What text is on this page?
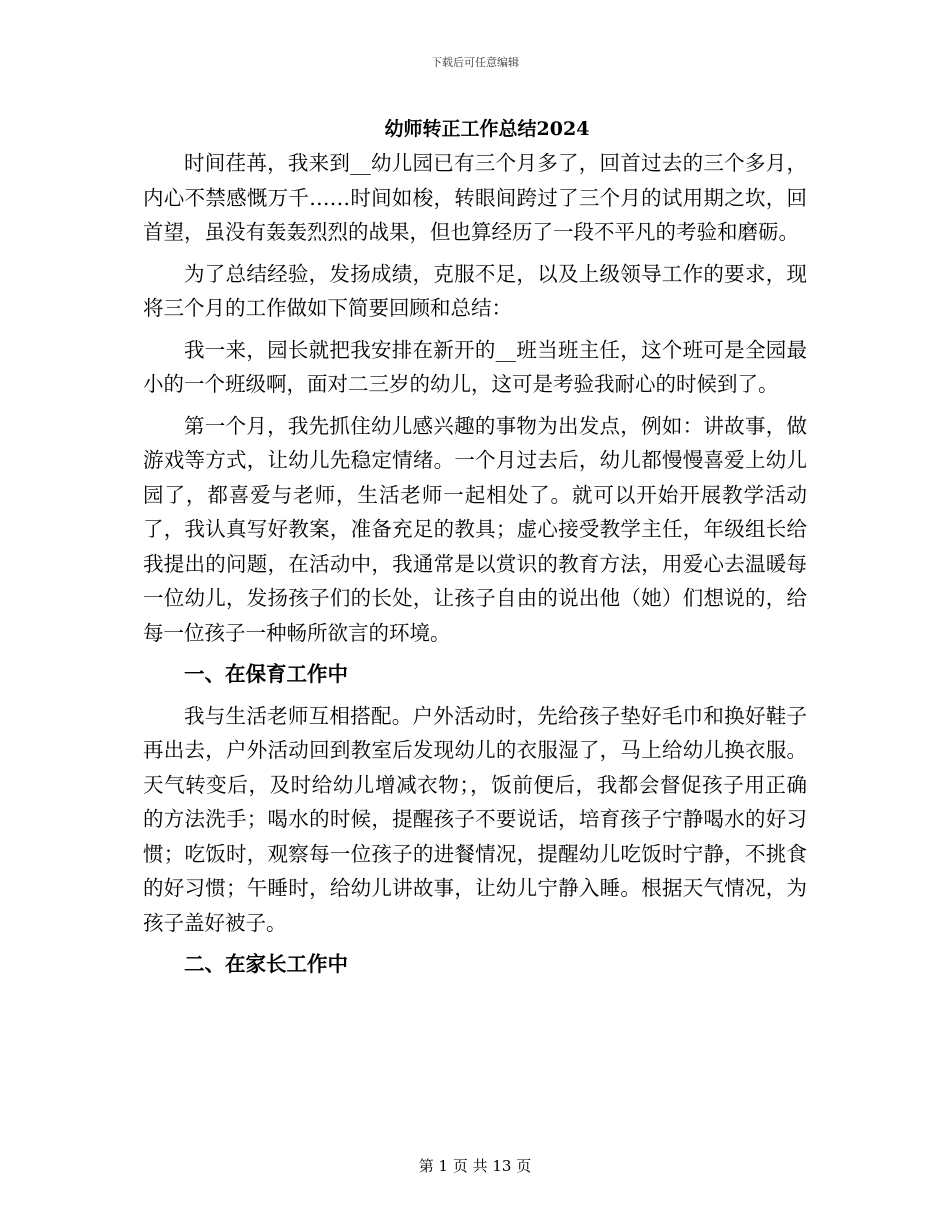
下载后可任意编辑
幼师转正工作总结2024

时间荏苒，我来到__幼儿园已有三个月多了，回首过去的三个多月，内心不禁感慨万千……时间如梭，转眼间跨过了三个月的试用期之坎，回首望，虽没有轰轰烈烈的战果，但也算经历了一段不平凡的考验和磨砺。

为了总结经验，发扬成绩，克服不足，以及上级领导工作的要求，现将三个月的工作做如下简要回顾和总结：

我一来，园长就把我安排在新开的__班当班主任，这个班可是全园最小的一个班级啊，面对二三岁的幼儿，这可是考验我耐心的时候到了。

第一个月，我先抓住幼儿感兴趣的事物为出发点，例如：讲故事，做游戏等方式，让幼儿先稳定情绪。一个月过去后，幼儿都慢慢喜爱上幼儿园了，都喜爱与老师，生活老师一起相处了。就可以开始开展教学活动了，我认真写好教案，准备充足的教具；虚心接受教学主任，年级组长给我提出的问题，在活动中，我通常是以赏识的教育方法，用爱心去温暖每一位幼儿，发扬孩子们的长处，让孩子自由的说出他（她）们想说的，给每一位孩子一种畅所欲言的环境。

一、在保育工作中

我与生活老师互相搭配。户外活动时，先给孩子垫好毛巾和换好鞋子再出去，户外活动回到教室后发现幼儿的衣服湿了，马上给幼儿换衣服。天气转变后，及时给幼儿增减衣物；，饭前便后，我都会督促孩子用正确的方法洗手；喝水的时候，提醒孩子不要说话，培育孩子宁静喝水的好习惯；吃饭时，观察每一位孩子的进餐情况，提醒幼儿吃饭时宁静，不挑食的好习惯；午睡时，给幼儿讲故事，让幼儿宁静入睡。根据天气情况，为孩子盖好被子。

二、在家长工作中
第 1 页 共 13 页
